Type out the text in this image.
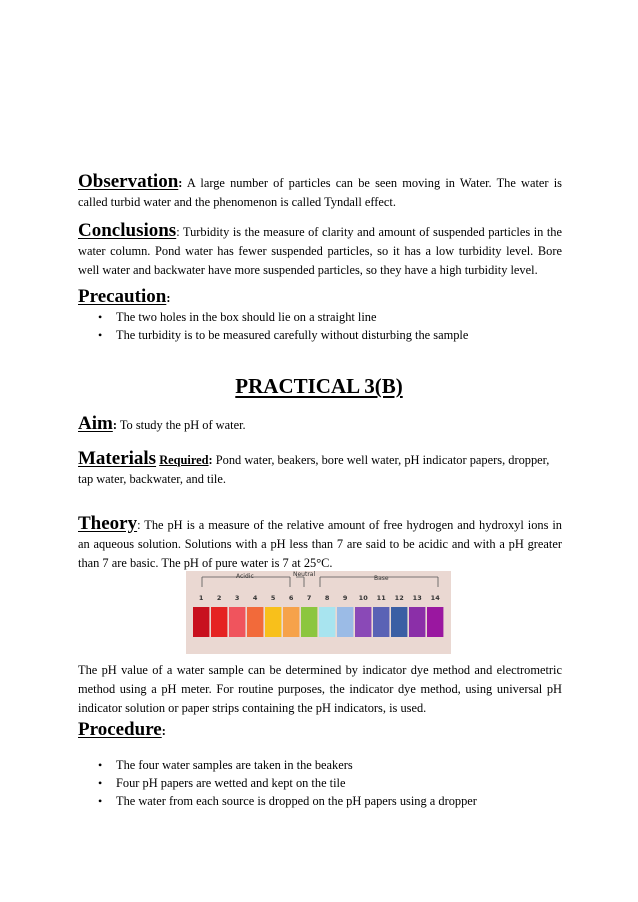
Observation: A large number of particles can be seen moving in Water. The water is called turbid water and the phenomenon is called Tyndall effect.

Conclusions: Turbidity is the measure of clarity and amount of suspended particles in the water column. Pond water has fewer suspended particles, so it has a low turbidity level. Bore well water and backwater have more suspended particles, so they have a high turbidity level.

Precaution:
• The two holes in the box should lie on a straight line
• The turbidity is to be measured carefully without disturbing the sample
PRACTICAL 3(B)

Aim: To study the pH of water.

Materials Required: Pond water, beakers, bore well water, pH indicator papers, dropper, tap water, backwater, and tile.

Theory: The pH is a measure of the relative amount of free hydrogen and hydroxyl ions in an aqueous solution. Solutions with a pH less than 7 are said to be acidic and with a pH greater than 7 are basic. The pH of pure water is 7 at 25°C.

Acidic	Neutral
Base
1 2 3 4 5 6 7 8 9 10 11 12 13 14

The pH value of a water sample can be determined by indicator dye method and electrometric method using a pH meter. For routine purposes, the indicator dye method, using universal pH indicator solution or paper strips containing the pH indicators, is used.

Procedure:
• The four water samples are taken in the beakers
• Four pH papers are wetted and kept on the tile
• The water from each source is dropped on the pH papers using a dropper
